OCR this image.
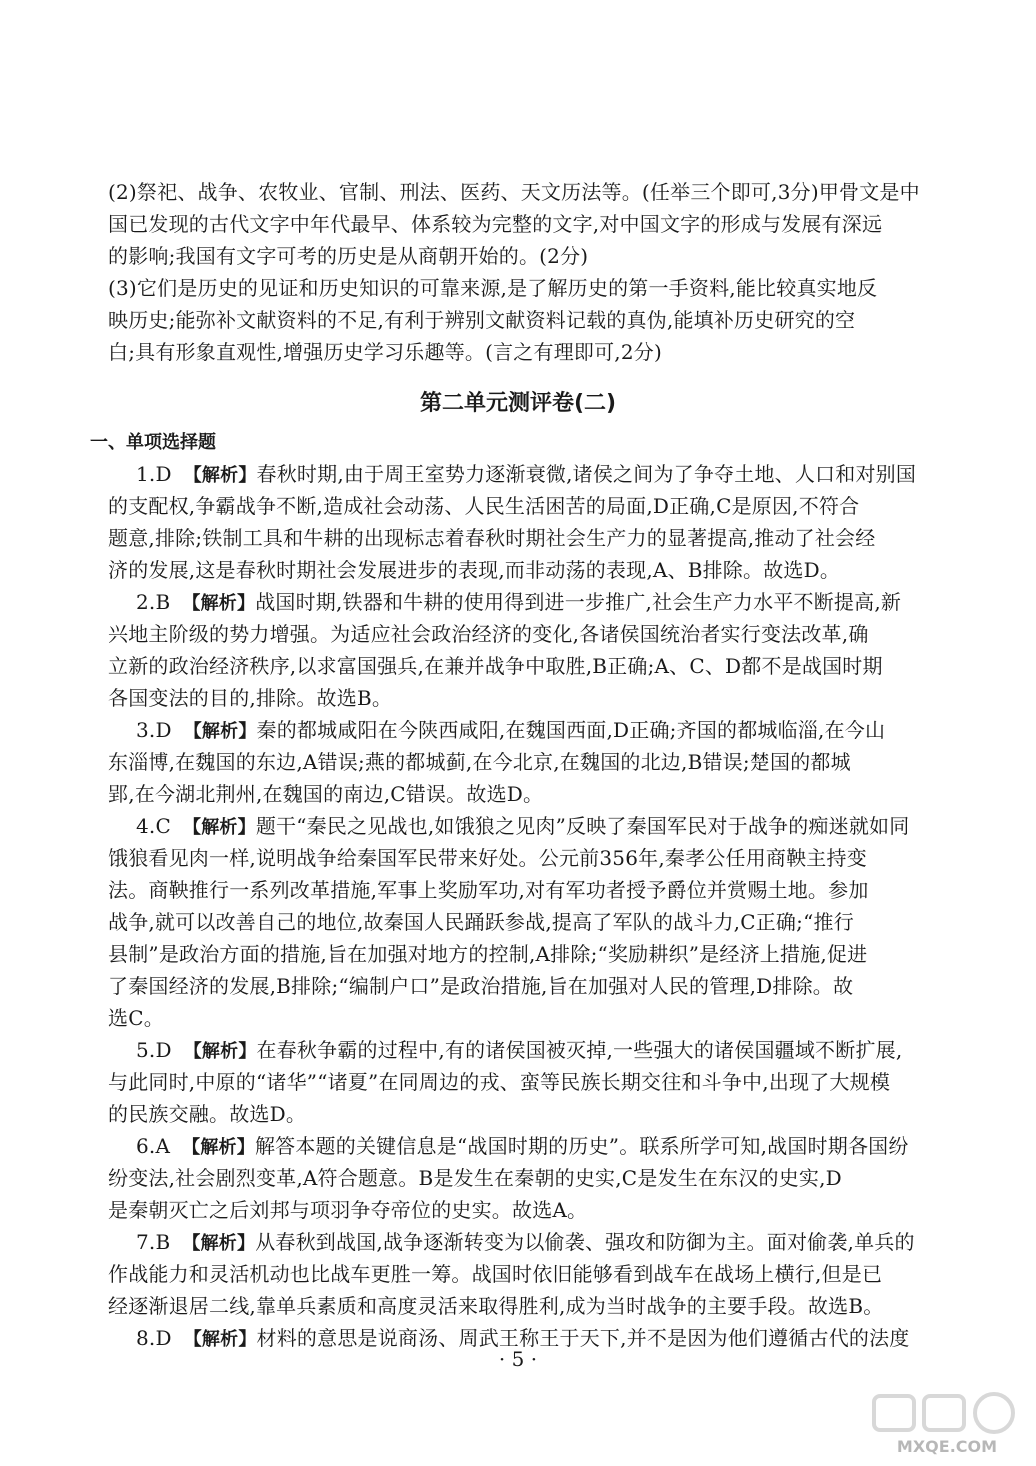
(2)祭祀、战争、农牧业、官制、刑法、医药、天文历法等。(任举三个即可,3分)甲骨文是中
国已发现的古代文字中年代最早、体系较为完整的文字,对中国文字的形成与发展有深远
的影响;我国有文字可考的历史是从商朝开始的。(2分)
(3)它们是历史的见证和历史知识的可靠来源,是了解历史的第一手资料,能比较真实地反
映历史;能弥补文献资料的不足,有利于辨别文献资料记载的真伪,能填补历史研究的空
白;具有形象直观性,增强历史学习乐趣等。(言之有理即可,2分)
第二单元测评卷(二)
一、单项选择题
1.D 【解析】春秋时期,由于周王室势力逐渐衰微,诸侯之间为了争夺土地、人口和对别国
的支配权,争霸战争不断,造成社会动荡、人民生活困苦的局面,D正确,C是原因,不符合
题意,排除;铁制工具和牛耕的出现标志着春秋时期社会生产力的显著提高,推动了社会经
济的发展,这是春秋时期社会发展进步的表现,而非动荡的表现,A、B排除。故选D。
2.B 【解析】战国时期,铁器和牛耕的使用得到进一步推广,社会生产力水平不断提高,新
兴地主阶级的势力增强。为适应社会政治经济的变化,各诸侯国统治者实行变法改革,确
立新的政治经济秩序,以求富国强兵,在兼并战争中取胜,B正确;A、C、D都不是战国时期
各国变法的目的,排除。故选B。
3.D 【解析】秦的都城咸阳在今陕西咸阳,在魏国西面,D正确;齐国的都城临淄,在今山
东淄博,在魏国的东边,A错误;燕的都城蓟,在今北京,在魏国的北边,B错误;楚国的都城
郢,在今湖北荆州,在魏国的南边,C错误。故选D。
4.C 【解析】题干“秦民之见战也,如饿狼之见肉”反映了秦国军民对于战争的痴迷就如同
饿狼看见肉一样,说明战争给秦国军民带来好处。公元前356年,秦孝公任用商鞅主持变
法。商鞅推行一系列改革措施,军事上奖励军功,对有军功者授予爵位并赏赐土地。参加
战争,就可以改善自己的地位,故秦国人民踊跃参战,提高了军队的战斗力,C正确;“推行
县制”是政治方面的措施,旨在加强对地方的控制,A排除;“奖励耕织”是经济上措施,促进
了秦国经济的发展,B排除;“编制户口”是政治措施,旨在加强对人民的管理,D排除。故
选C。
5.D 【解析】在春秋争霸的过程中,有的诸侯国被灭掉,一些强大的诸侯国疆域不断扩展,
与此同时,中原的“诸华”“诸夏”在同周边的戎、蛮等民族长期交往和斗争中,出现了大规模
的民族交融。故选D。
6.A 【解析】解答本题的关键信息是“战国时期的历史”。联系所学可知,战国时期各国纷
纷变法,社会剧烈变革,A符合题意。B是发生在秦朝的史实,C是发生在东汉的史实,D
是秦朝灭亡之后刘邦与项羽争夺帝位的史实。故选A。
7.B 【解析】从春秋到战国,战争逐渐转变为以偷袭、强攻和防御为主。面对偷袭,单兵的
作战能力和灵活机动也比战车更胜一筹。战国时依旧能够看到战车在战场上横行,但是已
经逐渐退居二线,靠单兵素质和高度灵活来取得胜利,成为当时战争的主要手段。故选B。
8.D 【解析】材料的意思是说商汤、周武王称王于天下,并不是因为他们遵循古代的法度
· 5 ·
MXQE.COM
